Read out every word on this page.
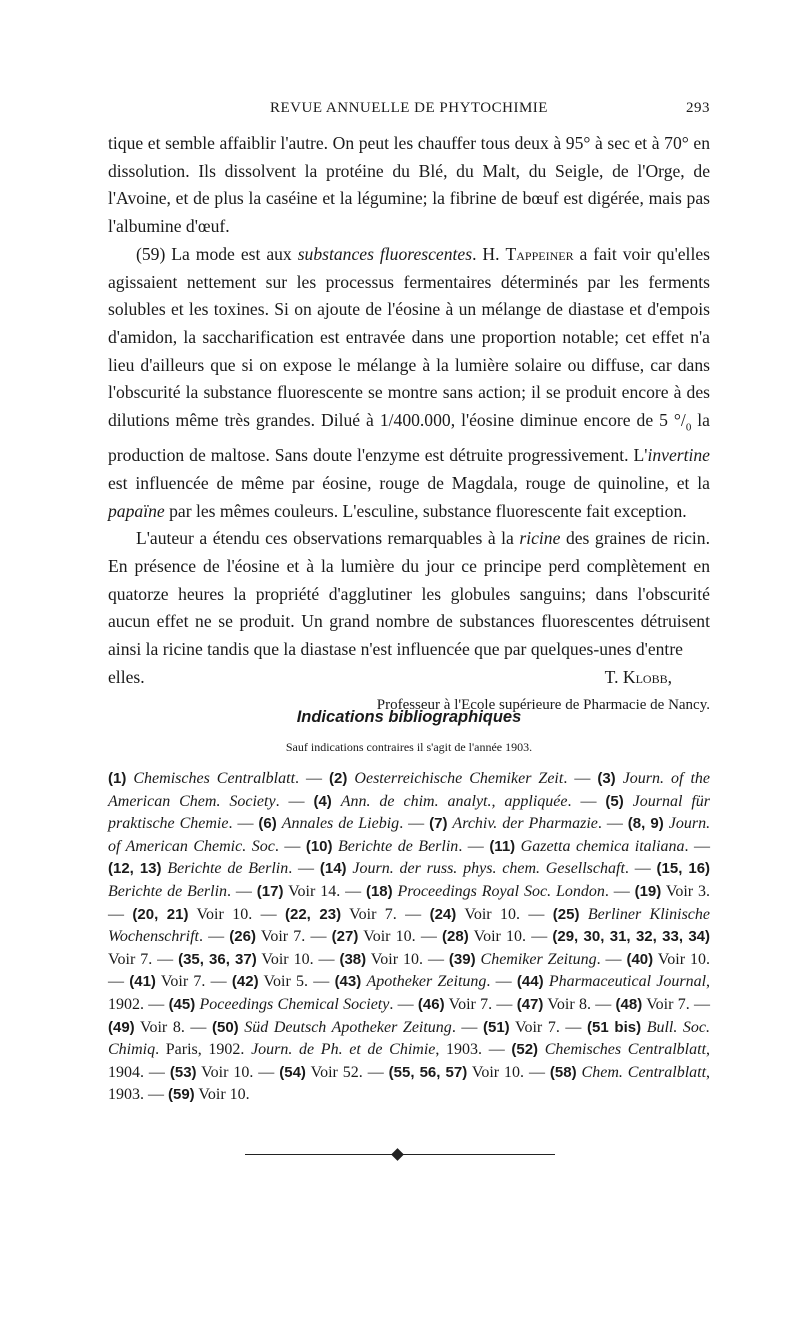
REVUE ANNUELLE DE PHYTOCHIMIE	293

tique et semble affaiblir l'autre. On peut les chauffer tous deux à 95° à sec et à 70° en dissolution. Ils dissolvent la protéine du Blé, du Malt, du Seigle, de l'Orge, de l'Avoine, et de plus la caséine et la légumine; la fibrine de bœuf est digérée, mais pas l'albumine d'œuf.

(59) La mode est aux substances fluorescentes. H. Tappeiner a fait voir qu'elles agissaient nettement sur les processus fermentaires déterminés par les ferments solubles et les toxines. Si on ajoute de l'éosine à un mélange de diastase et d'empois d'amidon, la saccharification est entravée dans une proportion notable; cet effet n'a lieu d'ailleurs que si on expose le mélange à la lumière solaire ou diffuse, car dans l'obscurité la substance fluorescente se montre sans action; il se produit encore à des dilutions même très grandes. Dilué à 1/400.000, l'éosine diminue encore de 5 $^\circ/_0$ la production de maltose. Sans doute l'enzyme est détruite progressivement. L'invertine est influencée de même par éosine, rouge de Magdala, rouge de quinoline, et la papaïne par les mêmes couleurs. L'esculine, substance fluorescente fait exception.

L'auteur a étendu ces observations remarquables à la ricine des graines de ricin. En présence de l'éosine et à la lumière du jour ce principe perd complètement en quatorze heures la propriété d'agglutiner les globules sanguins; dans l'obscurité aucun effet ne se produit. Un grand nombre de substances fluorescentes détruisent ainsi la ricine tandis que la diastase n'est influencée que par quelques-unes d'entre

elles.	T. Klobb,
Professeur à l'Ecole supérieure de Pharmacie de Nancy.
Indications bibliographiques
Sauf indications contraires il s'agit de l'année 1903.
(1) Chemisches Centralblatt. — (2) Oesterreichische Chemiker Zeit. — (3) Journ. of the American Chem. Society. — (4) Ann. de chim. analyt., appliquée. — (5) Journal für praktische Chemie. — (6) Annales de Liebig. — (7) Archiv. der Pharmazie. — (8, 9) Journ. of American Chemic. Soc. — (10) Berichte de Berlin. — (11) Gazetta chemica italiana. — (12, 13) Berichte de Berlin. — (14) Journ. der russ. phys. chem. Gesellschaft. — (15, 16) Berichte de Berlin. — (17) Voir 14. — (18) Proceedings Royal Soc. London. — (19) Voir 3. — (20, 21) Voir 10. — (22, 23) Voir 7. — (24) Voir 10. — (25) Berliner Klinische Wochenschrift. — (26) Voir 7. — (27) Voir 10. — (28) Voir 10. — (29, 30, 31, 32, 33, 34) Voir 7. — (35, 36, 37) Voir 10. — (38) Voir 10. — (39) Chemiker Zeitung. — (40) Voir 10. — (41) Voir 7. — (42) Voir 5. — (43) Apotheker Zeitung. — (44) Pharmaceutical Journal, 1902. — (45) Poceedings Chemical Society. — (46) Voir 7. — (47) Voir 8. — (48) Voir 7. — (49) Voir 8. — (50) Süd Deutsch Apotheker Zeitung. — (51) Voir 7. — (51 bis) Bull. Soc. Chimiq. Paris, 1902. Journ. de Ph. et de Chimie, 1903. — (52) Chemisches Centralblatt, 1904. — (53) Voir 10. — (54) Voir 52. — (55, 56, 57) Voir 10. — (58) Chem. Centralblatt, 1903. — (59) Voir 10.
